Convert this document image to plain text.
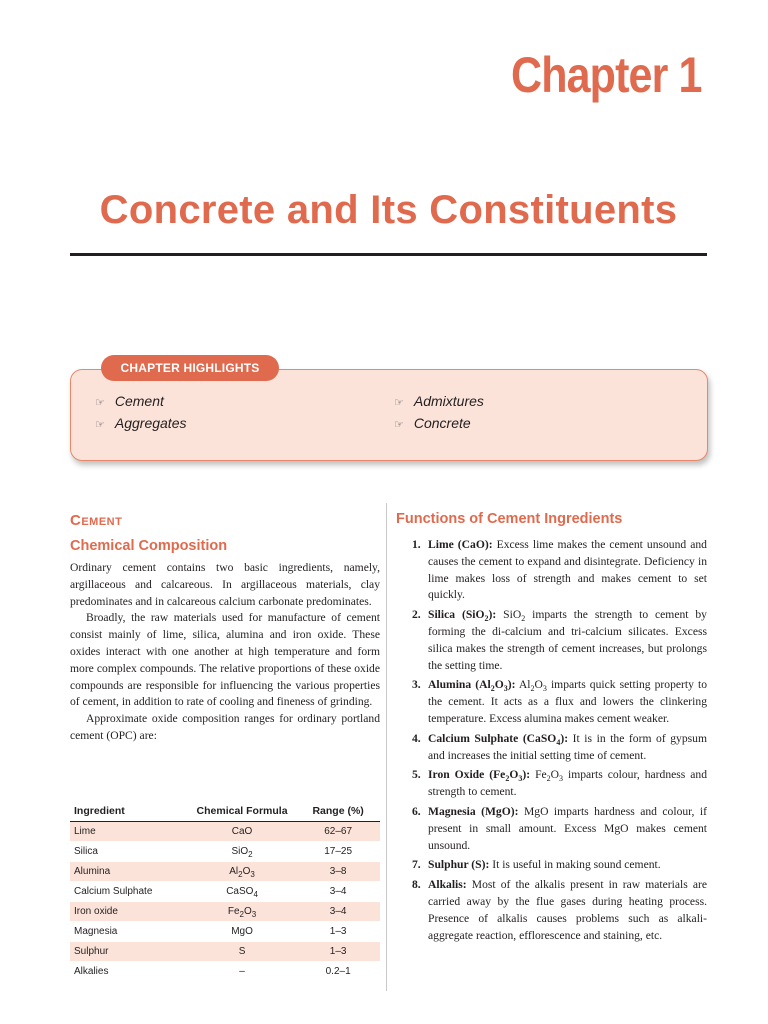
Chapter 1
Concrete and Its Constituents
CHAPTER HIGHLIGHTS
☞ Cement
☞ Aggregates
☞ Admixtures
☞ Concrete
Cement
Chemical Composition

Ordinary cement contains two basic ingredients, namely, argillaceous and calcareous. In argillaceous materials, clay predominates and in calcareous calcium carbonate predominates.

Broadly, the raw materials used for manufacture of cement consist mainly of lime, silica, alumina and iron oxide. These oxides interact with one another at high temperature and form more complex compounds. The relative proportions of these oxide compounds are responsible for influencing the various properties of cement, in addition to rate of cooling and fineness of grinding.

Approximate oxide composition ranges for ordinary portland cement (OPC) are:

Ingredient	Chemical Formula	Range (%)
Lime	CaO	62–67
Silica	SiO$_2$	17–25
Alumina	$Al_2O_3$	3–8
Calcium Sulphate	CaSO$_4$	3–4
Iron oxide	$Fe_2O_3$	3–4
Magnesia	MgO	1–3
Sulphur	S	1–3
Alkalies	–	0.2–1
Functions of Cement Ingredients
1. Lime (CaO): Excess lime makes the cement unsound and causes the cement to expand and disintegrate. Deficiency in lime makes loss of strength and makes cement to set quickly.
2. Silica (SiO$_2$): SiO$_2$ imparts the strength to cement by forming the di-calcium and tri-calcium silicates. Excess silica makes the strength of cement increases, but prolongs the setting time.
3. Alumina $(Al_2O_3)$: $Al_2O_3$ imparts quick setting property to the cement. It acts as a flux and lowers the clinkering temperature. Excess alumina makes cement weaker.
4. Calcium Sulphate (CaSO$_4$): It is in the form of gypsum and increases the initial setting time of cement.
5. Iron Oxide $(Fe_2O_3)$: $Fe_2O_3$ imparts colour, hardness and strength to cement.
6. Magnesia (MgO): MgO imparts hardness and colour, if present in small amount. Excess MgO makes cement unsound.
7. Sulphur (S): It is useful in making sound cement.
8. Alkalis: Most of the alkalis present in raw materials are carried away by the flue gases during heating process. Presence of alkalis causes problems such as alkali-aggregate reaction, efflorescence and staining, etc.
